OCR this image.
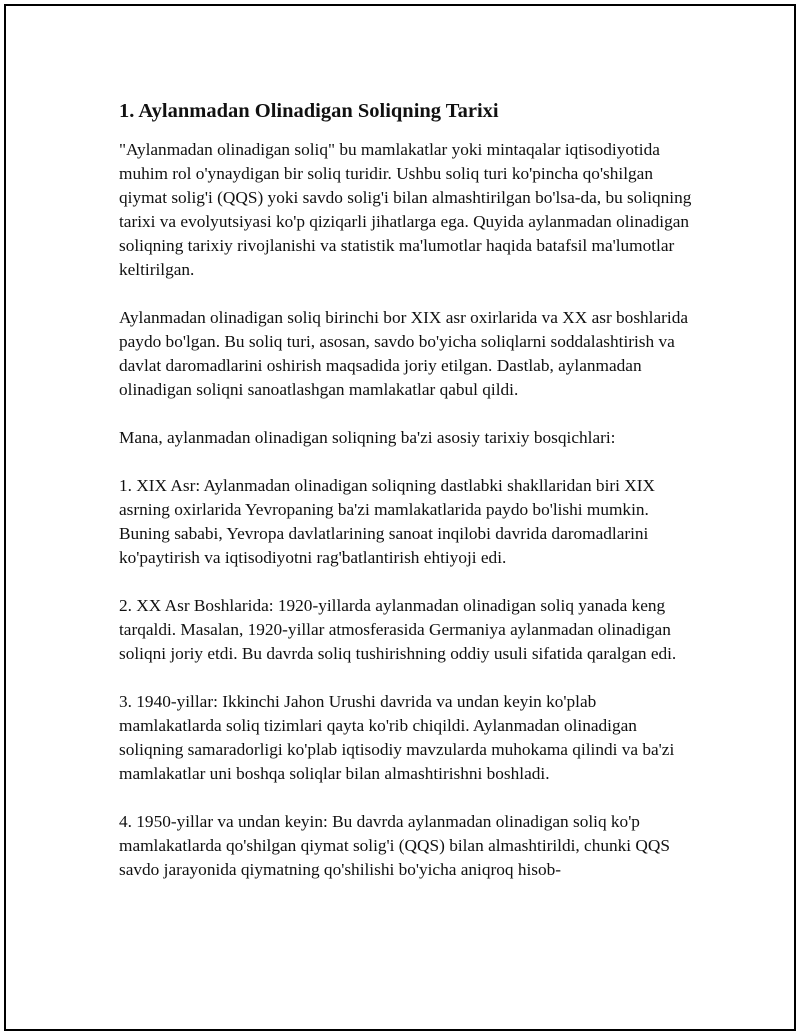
1. Aylanmadan Olinadigan Soliqning Tarixi

"Aylanmadan olinadigan soliq" bu mamlakatlar yoki mintaqalar iqtisodiyotida muhim rol o'ynaydigan bir soliq turidir. Ushbu soliq turi ko'pincha qo'shilgan qiymat solig'i (QQS) yoki savdo solig'i bilan almashtirilgan bo'lsa-da, bu soliqning tarixi va evolyutsiyasi ko'p qiziqarli jihatlarga ega. Quyida aylanmadan olinadigan soliqning tarixiy rivojlanishi va statistik ma'lumotlar haqida batafsil ma'lumotlar keltirilgan.

Aylanmadan olinadigan soliq birinchi bor XIX asr oxirlarida va XX asr boshlarida paydo bo'lgan. Bu soliq turi, asosan, savdo bo'yicha soliqlarni soddalashtirish va davlat daromadlarini oshirish maqsadida joriy etilgan. Dastlab, aylanmadan olinadigan soliqni sanoatlashgan mamlakatlar qabul qildi.

Mana, aylanmadan olinadigan soliqning ba'zi asosiy tarixiy bosqichlari:

1. XIX Asr: Aylanmadan olinadigan soliqning dastlabki shakllaridan biri XIX asrning oxirlarida Yevropaning ba'zi mamlakatlarida paydo bo'lishi mumkin. Buning sababi, Yevropa davlatlarining sanoat inqilobi davrida daromadlarini ko'paytirish va iqtisodiyotni rag'batlantirish ehtiyoji edi.

2. XX Asr Boshlarida: 1920-yillarda aylanmadan olinadigan soliq yanada keng tarqaldi. Masalan, 1920-yillar atmosferasida Germaniya aylanmadan olinadigan soliqni joriy etdi. Bu davrda soliq tushirishning oddiy usuli sifatida qaralgan edi.

3. 1940-yillar: Ikkinchi Jahon Urushi davrida va undan keyin ko'plab mamlakatlarda soliq tizimlari qayta ko'rib chiqildi. Aylanmadan olinadigan soliqning samaradorligi ko'plab iqtisodiy mavzularda muhokama qilindi va ba'zi mamlakatlar uni boshqa soliqlar bilan almashtirishni boshladi.

4. 1950-yillar va undan keyin: Bu davrda aylanmadan olinadigan soliq ko'p mamlakatlarda qo'shilgan qiymat solig'i (QQS) bilan almashtirildi, chunki QQS savdo jarayonida qiymatning qo'shilishi bo'yicha aniqroq hisob-
